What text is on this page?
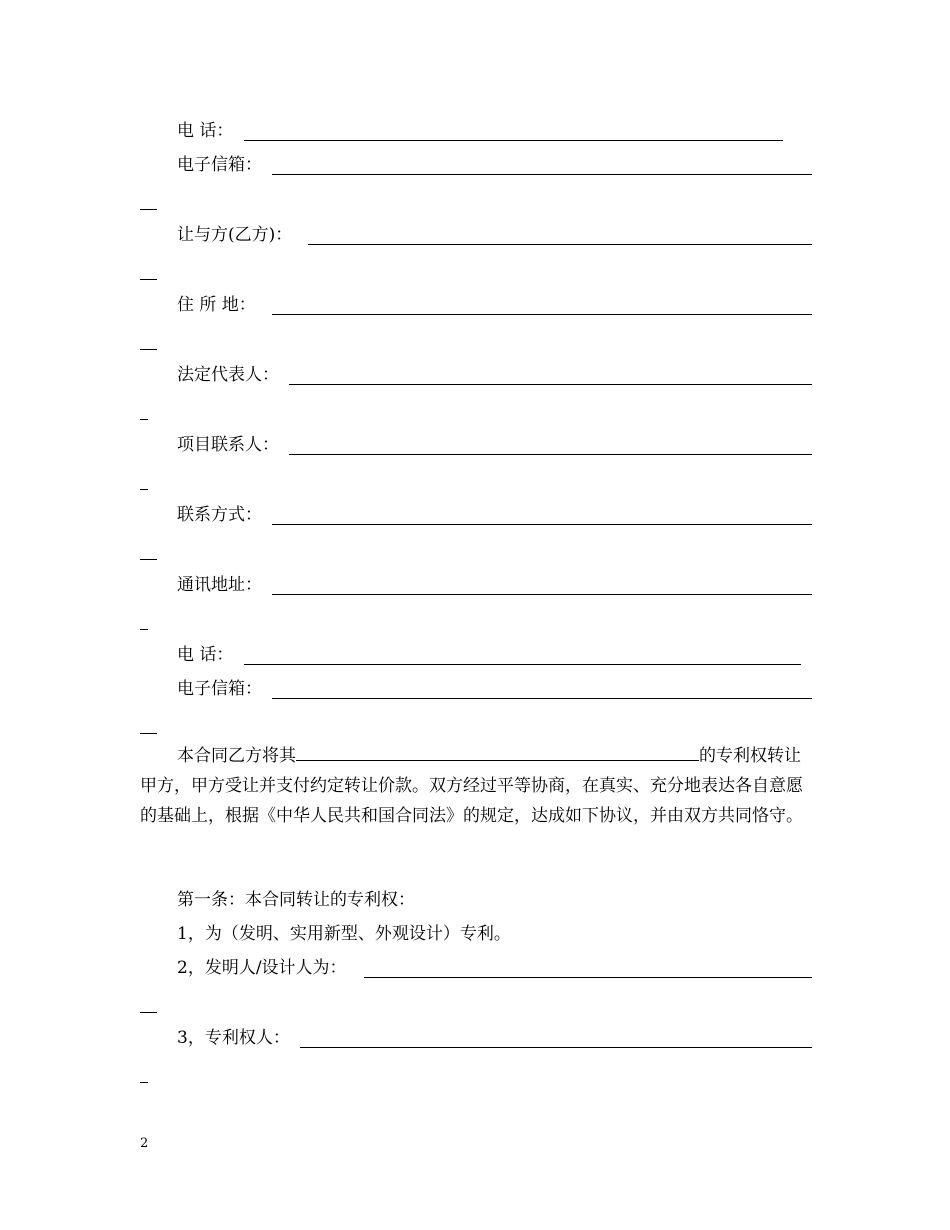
电 话：
电子信箱：
让与方(乙方)：
住 所 地：
法定代表人：
项目联系人：
联系方式：
通讯地址：
电 话：
电子信箱：
本合同乙方将其	的专利权转让甲方，甲方受让并支付约定转让价款。双方经过平等协商，在真实、充分地表达各自意愿的基础上，根据《中华人民共和国合同法》的规定，达成如下协议，并由双方共同恪守。
第一条：本合同转让的专利权：
1，为（发明、实用新型、外观设计）专利。
2，发明人/设计人为：
3，专利权人：
2
